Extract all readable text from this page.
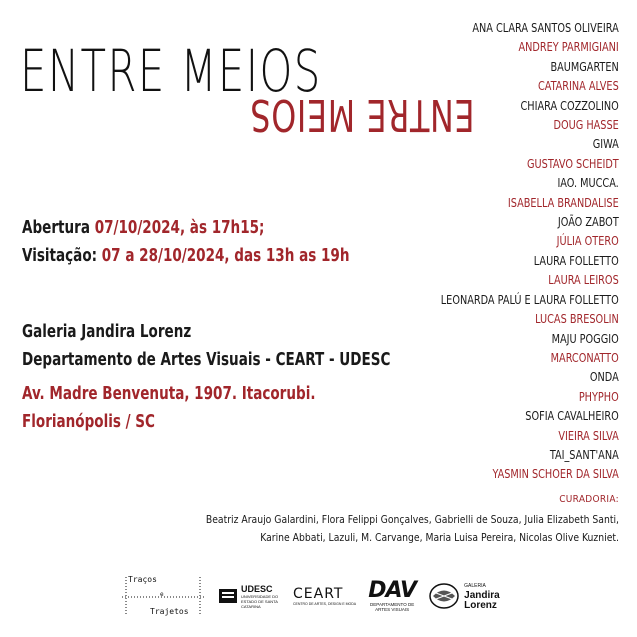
ENTRE MEIOS
ENTRE MEIOS
Abertura 07/10/2024, às 17h15;
Visitação: 07 a 28/10/2024, das 13h as 19h
Galeria Jandira Lorenz
Departamento de Artes Visuais - CEART - UDESC
Av. Madre Benvenuta, 1907. Itacorubi.
Florianópolis / SC
ANA CLARA SANTOS OLIVEIRA
ANDREY PARMIGIANI
BAUMGARTEN
CATARINA ALVES
CHIARA COZZOLINO
DOUG HASSE
GIWA
GUSTAVO SCHEIDT
IAO. MUCCA.
ISABELLA BRANDALISE
JOÃO ZABOT
JÚLIA OTERO
LAURA FOLLETTO
LAURA LEIROS
LEONARDA PALÚ E LAURA FOLLETTO
LUCAS BRESOLIN
MAJU POGGIO
MARCONATTO
ONDA
PHYPHO
SOFIA CAVALHEIRO
VIEIRA SILVA
TAI_SANT'ANA
YASMIN SCHOER DA SILVA
CURADORIA:
Beatriz Araujo Galardini, Flora Felippi Gonçalves, Gabrielli de Souza, Julia Elizabeth Santi, Karine Abbati, Lazuli, M. Carvange, Maria Luisa Pereira, Nicolas Olive Kuzniet.
Traços
e
Trajetos
UDESC
UNIVERSIDADE DO ESTADO DE SANTA CATARINA
CEART
CENTRO DE ARTES, DESIGN E MODA
DAV
DEPARTAMENTO DE ARTES VISUAIS
GALERIA
Jandira Lorenz
